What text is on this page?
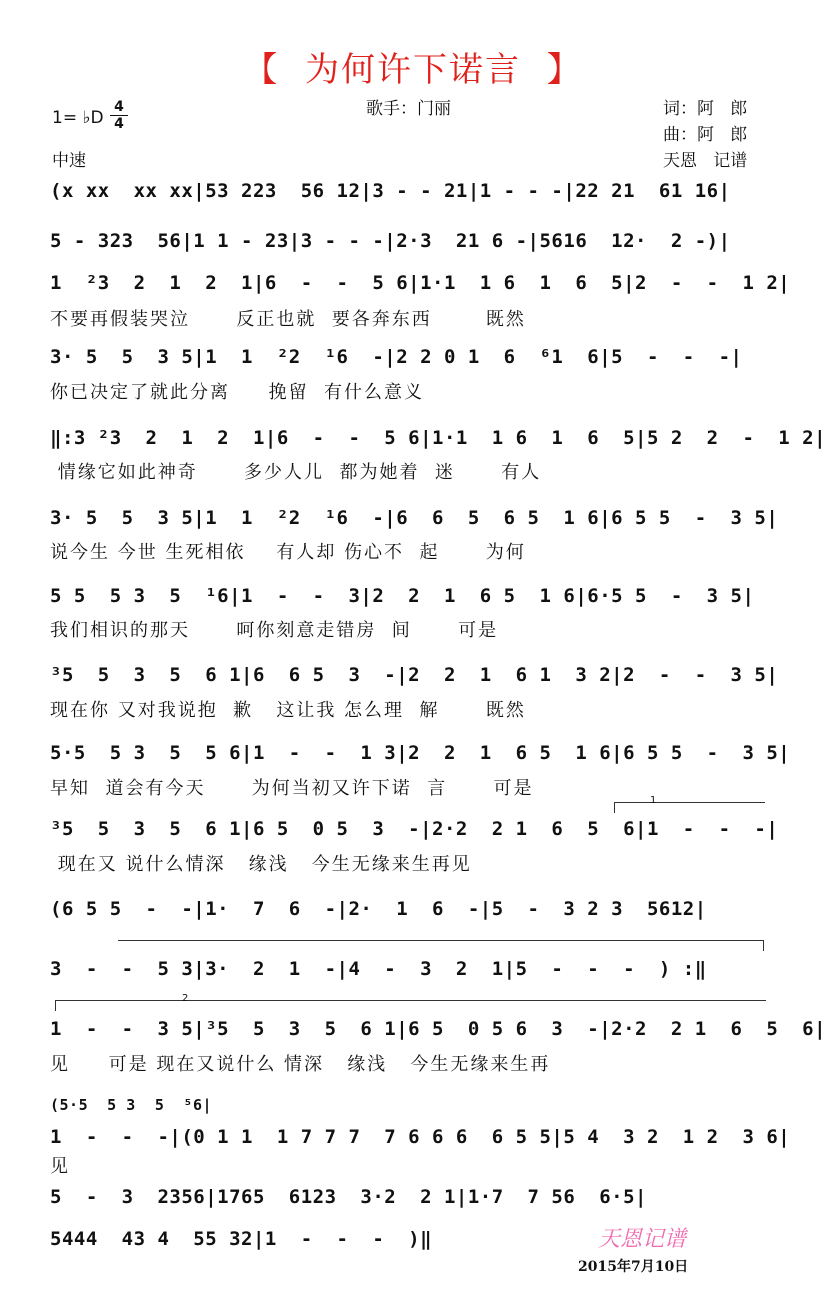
【  为何许下诺言  】
1= ♭D
4
4
中速
歌手：门丽	词：阿   郎
曲：阿   郎
天恩   记谱
(x xx  xx xx|53 223  56 12|3 - - 21|1 - - -|22 21  61 16|
5 - 323  56|1 1 - 23|3 - - -|2·3  21 6 -|5616  12·  2 -)|
1  ²3  2  1  2  1|6  -  -  5 6|1·1  1 6  1  6  5|2  -  -  1 2|
不要再假装哭泣      反正也就  要各奔东西       既然
3· 5  5  3 5|1  1  ²2  ¹6  -|2 2 0 1  6  ⁶1  6|5  -  -  -|
你已决定了就此分离     挽留  有什么意义
‖:3 ²3  2  1  2  1|6  -  -  5 6|1·1  1 6  1  6  5|5 2  2  -  1 2|
情缘它如此神奇      多少人儿  都为她着  迷      有人
3· 5  5  3 5|1  1  ²2  ¹6  -|6  6  5  6 5  1 6|6 5 5  -  3 5|
说今生 今世 生死相依    有人却 伤心不  起      为何
5 5  5 3  5  ¹6|1  -  -  3|2  2  1  6 5  1 6|6·5 5  -  3 5|
我们相识的那天      呵你刻意走错房  间      可是
³5  5  3  5  6 1|6  6 5  3  -|2  2  1  6 1  3 2|2  -  -  3 5|
现在你 又对我说抱  歉   这让我 怎么理  解      既然
5·5  5 3  5  5 6|1  -  -  1 3|2  2  1  6 5  1 6|6 5 5  -  3 5|
早知  道会有今天      为何当初又许下诺  言      可是
1
³5  5  3  5  6 1|6 5  0 5  3  -|2·2  2 1  6  5  6|1  -  -  -|
现在又 说什么情深   缘浅   今生无缘来生再见
(6 5 5  -  -|1·  7  6  -|2·  1  6  -|5  -  3 2 3  5612|
3  -  -  5 3|3·  2  1  -|4  -  3  2  1|5  -  -  -  ) :‖
2
1  -  -  3 5|³5  5  3  5  6 1|6 5  0 5 6  3  -|2·2  2 1  6  5  6|
见     可是 现在又说什么 情深   缘浅   今生无缘来生再
(5·5  5 3  5  ⁵6|
1  -  -  -|(0 1 1  1 7 7 7  7 6 6 6  6 5 5|5 4  3 2  1 2  3 6|
见
5  -  3  2356|1765  6123  3·2  2 1|1·7  7 56  6·5|
5444  43 4  55 32|1  -  -  -  )‖	天恩记谱
2015年7月10日
